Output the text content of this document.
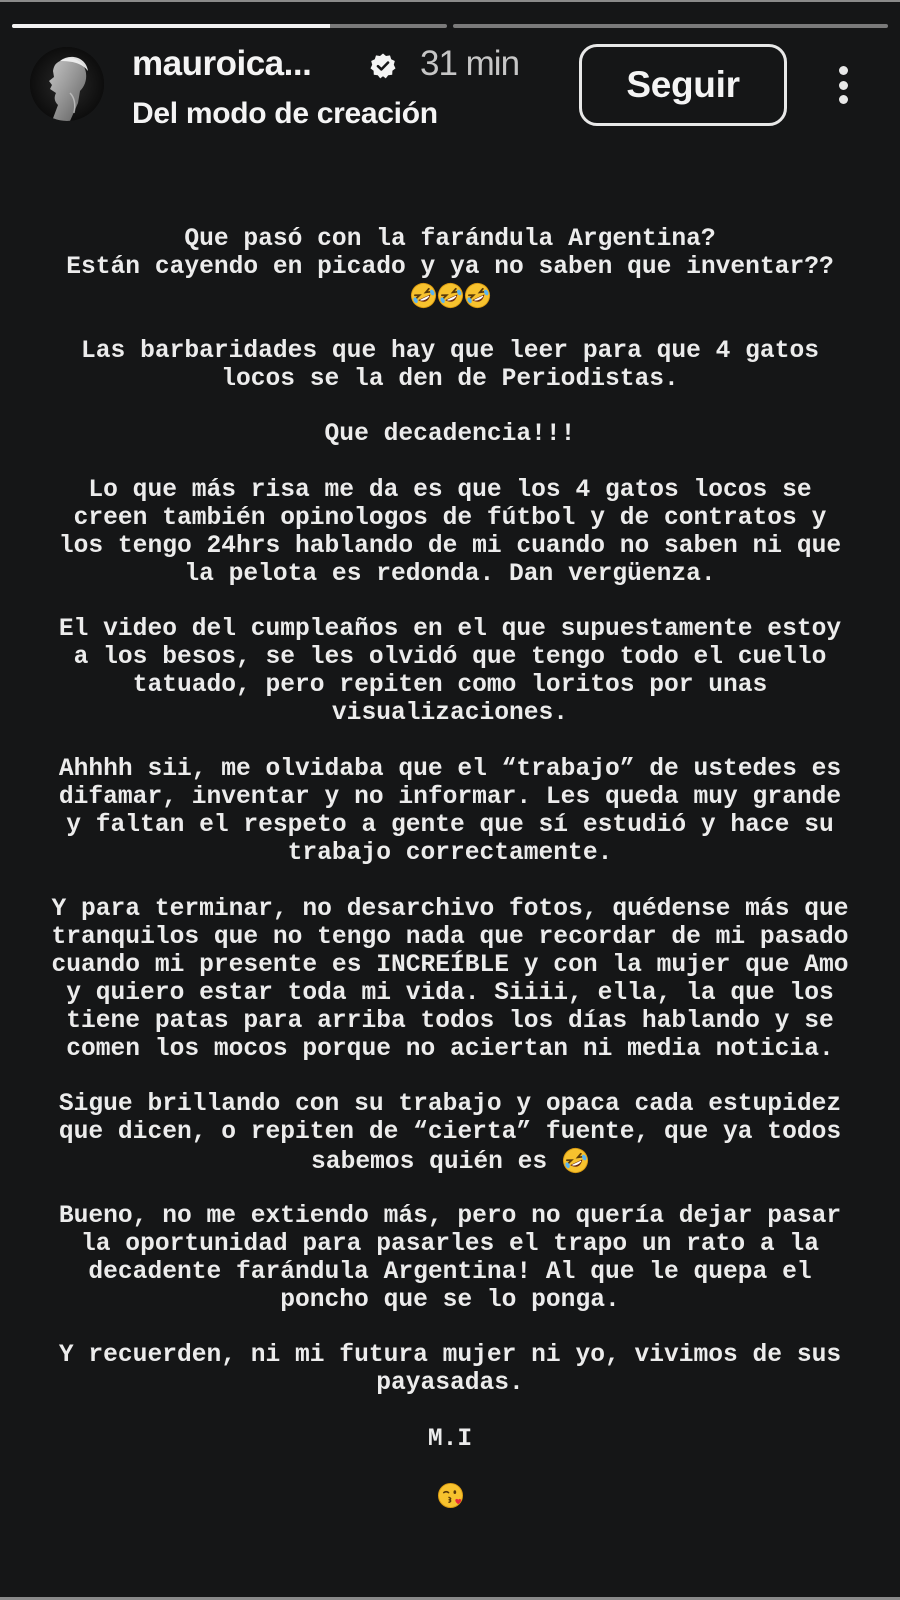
mauroica...	31 min
Del modo de creación
Seguir
Que pasó con la farándula Argentina?
Están cayendo en picado y ya no saben que inventar??
Las barbaridades que hay que leer para que 4 gatos
locos se la den de Periodistas.
Que decadencia!!!
Lo que más risa me da es que los 4 gatos locos se
creen también opinologos de fútbol y de contratos y
los tengo 24hrs hablando de mi cuando no saben ni que
la pelota es redonda. Dan vergüenza.
El video del cumpleaños en el que supuestamente estoy
a los besos, se les olvidó que tengo todo el cuello
tatuado, pero repiten como loritos por unas
visualizaciones.
Ahhhh sii, me olvidaba que el “trabajo” de ustedes es
difamar, inventar y no informar. Les queda muy grande
y faltan el respeto a gente que sí estudió y hace su
trabajo correctamente.
Y para terminar, no desarchivo fotos, quédense más que
tranquilos que no tengo nada que recordar de mi pasado
cuando mi presente es INCREÍBLE y con la mujer que Amo
y quiero estar toda mi vida. Siiii, ella, la que los
tiene patas para arriba todos los días hablando y se
comen los mocos porque no aciertan ni media noticia.
Sigue brillando con su trabajo y opaca cada estupidez
que dicen, o repiten de “cierta” fuente, que ya todos
sabemos quién es
Bueno, no me extiendo más, pero no quería dejar pasar
la oportunidad para pasarles el trapo un rato a la
decadente farándula Argentina! Al que le quepa el
poncho que se lo ponga.
Y recuerden, ni mi futura mujer ni yo, vivimos de sus
payasadas.
M.I
